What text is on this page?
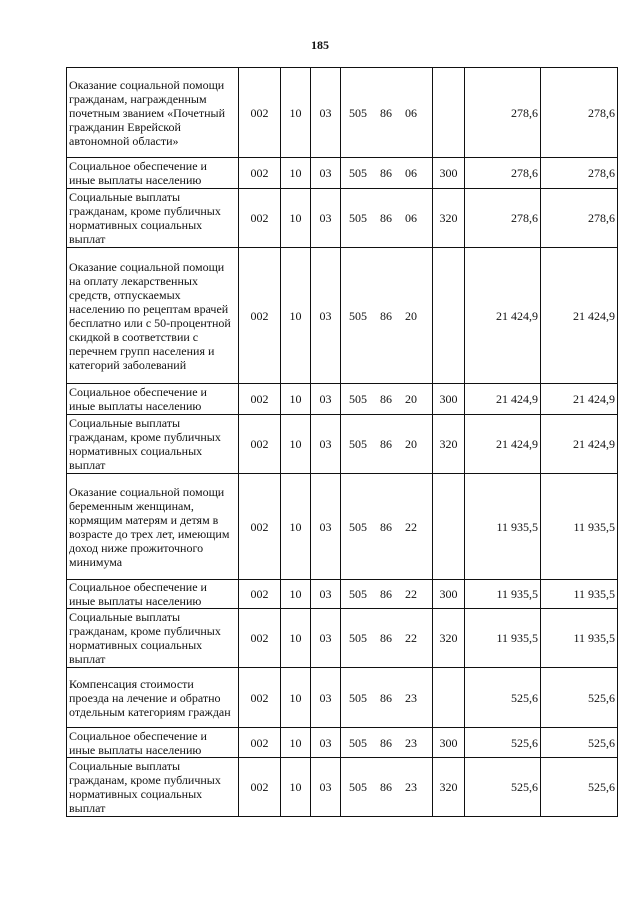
185
Оказание социальной помощи гражданам, награжденным почетным званием «Почетный гражданин Еврейской автономной области»	002	10	03	505 86 06		278,6	278,6
Социальное обеспечение и иные выплаты населению	002	10	03	505 86 06	300	278,6	278,6
Социальные выплаты гражданам, кроме публичных нормативных социальных выплат	002	10	03	505 86 06	320	278,6	278,6
Оказание социальной помощи на оплату лекарственных средств, отпускаемых населению по рецептам врачей бесплатно или с 50-процентной скидкой в соответствии с перечнем групп населения и категорий заболеваний	002	10	03	505 86 20		21 424,9	21 424,9
Социальное обеспечение и иные выплаты населению	002	10	03	505 86 20	300	21 424,9	21 424,9
Социальные выплаты гражданам, кроме публичных нормативных социальных выплат	002	10	03	505 86 20	320	21 424,9	21 424,9
Оказание социальной помощи беременным женщинам, кормящим матерям и детям в возрасте до трех лет, имеющим доход ниже прожиточного минимума	002	10	03	505 86 22		11 935,5	11 935,5
Социальное обеспечение и иные выплаты населению	002	10	03	505 86 22	300	11 935,5	11 935,5
Социальные выплаты гражданам, кроме публичных нормативных социальных выплат	002	10	03	505 86 22	320	11 935,5	11 935,5
Компенсация стоимости проезда на лечение и обратно отдельным категориям граждан	002	10	03	505 86 23		525,6	525,6
Социальное обеспечение и иные выплаты населению	002	10	03	505 86 23	300	525,6	525,6
Социальные выплаты гражданам, кроме публичных нормативных социальных выплат	002	10	03	505 86 23	320	525,6	525,6
